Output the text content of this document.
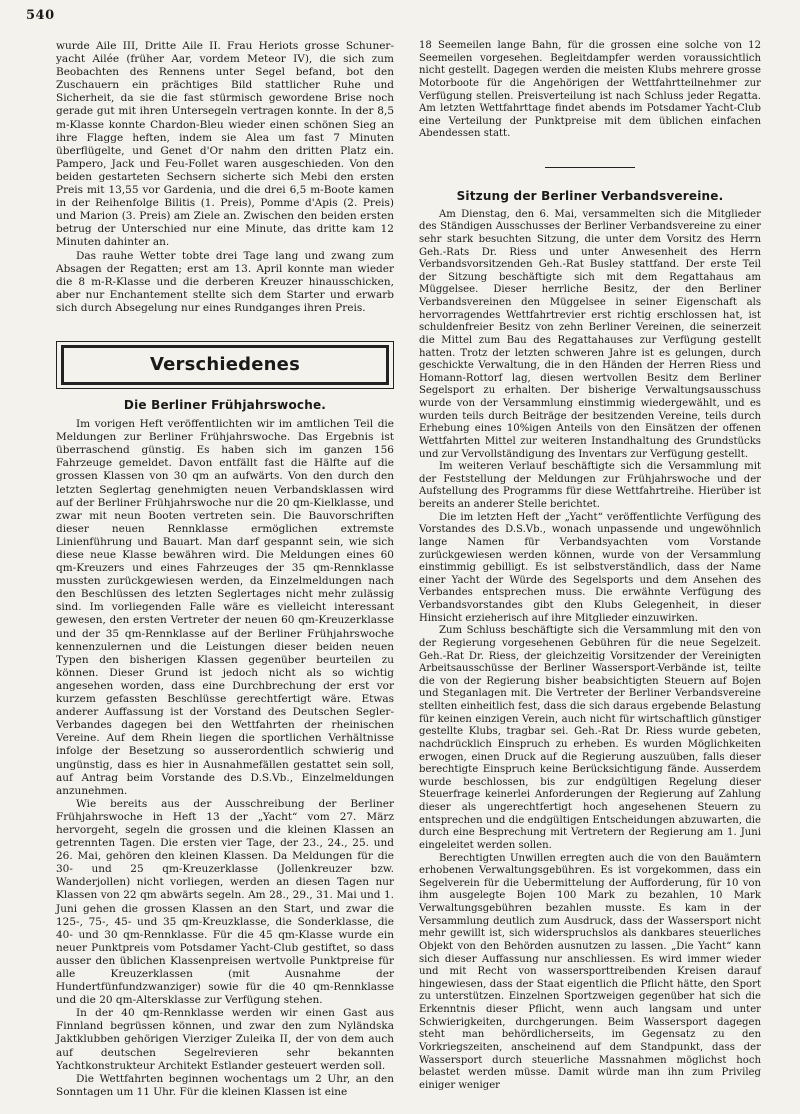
540

wurde Aile III, Dritte Aile II. Frau Heriots grosse Schuner-yacht Ailée (früher Aar, vordem Meteor IV), die sich zum Beobachten des Rennens unter Segel befand, bot den Zuschauern ein prächtiges Bild stattlicher Ruhe und Sicherheit, da sie die fast stürmisch gewordene Brise noch gerade gut mit ihren Untersegeln vertragen konnte. In der 8,5 m-Klasse konnte Chardon-Bleu wieder einen schönen Sieg an ihre Flagge heften, indem sie Alea um fast 7 Minuten überflügelte, und Genet d'Or nahm den dritten Platz ein. Pampero, Jack und Feu-Follet waren ausgeschieden. Von den beiden gestarteten Sechsern sicherte sich Mebi den ersten Preis mit 13,55 vor Gardenia, und die drei 6,5 m-Boote kamen in der Reihenfolge Bilitis (1. Preis), Pomme d'Apis (2. Preis) und Marion (3. Preis) am Ziele an. Zwischen den beiden ersten betrug der Unterschied nur eine Minute, das dritte kam 12 Minuten dahinter an.

Das rauhe Wetter tobte drei Tage lang und zwang zum Absagen der Regatten; erst am 13. April konnte man wieder die 8 m-R-Klasse und die derberen Kreuzer hinausschicken, aber nur Enchantement stellte sich dem Starter und erwarb sich durch Absegelung nur eines Rundganges ihren Preis.

Verschiedenes
Die Berliner Frühjahrswoche.

Im vorigen Heft veröffentlichten wir im amtlichen Teil die Meldungen zur Berliner Frühjahrswoche. Das Ergebnis ist überraschend günstig. Es haben sich im ganzen 156 Fahrzeuge gemeldet. Davon entfällt fast die Hälfte auf die grossen Klassen von 30 qm an aufwärts. Von den durch den letzten Seglertag genehmigten neuen Verbandsklassen wird auf der Berliner Frühjahrswoche nur die 20 qm-Kielklasse, und zwar mit neun Booten vertreten sein. Die Bauvorschriften dieser neuen Rennklasse ermöglichen extremste Linienführung und Bauart. Man darf gespannt sein, wie sich diese neue Klasse bewähren wird. Die Meldungen eines 60 qm-Kreuzers und eines Fahrzeuges der 35 qm-Rennklasse mussten zurückgewiesen werden, da Einzelmeldungen nach den Beschlüssen des letzten Seglertages nicht mehr zulässig sind. Im vorliegenden Falle wäre es vielleicht interessant gewesen, den ersten Vertreter der neuen 60 qm-Kreuzerklasse und der 35 qm-Rennklasse auf der Berliner Frühjahrswoche kennenzulernen und die Leistungen dieser beiden neuen Typen den bisherigen Klassen gegenüber beurteilen zu können. Dieser Grund ist jedoch nicht als so wichtig angesehen worden, dass eine Durchbrechung der erst vor kurzem gefassten Beschlüsse gerechtfertigt wäre. Etwas anderer Auffassung ist der Vorstand des Deutschen Segler-Verbandes dagegen bei den Wettfahrten der rheinischen Vereine. Auf dem Rhein liegen die sportlichen Verhältnisse infolge der Besetzung so ausserordentlich schwierig und ungünstig, dass es hier in Ausnahmefällen gestattet sein soll, auf Antrag beim Vorstande des D.S.Vb., Einzelmeldungen anzunehmen.

Wie bereits aus der Ausschreibung der Berliner Frühjahrswoche in Heft 13 der „Yacht“ vom 27. März hervorgeht, segeln die grossen und die kleinen Klassen an getrennten Tagen. Die ersten vier Tage, der 23., 24., 25. und 26. Mai, gehören den kleinen Klassen. Da Meldungen für die 30- und 25 qm-Kreuzerklasse (Jollenkreuzer bzw. Wanderjollen) nicht vorliegen, werden an diesen Tagen nur Klassen von 22 qm abwärts segeln. Am 28., 29., 31. Mai und 1. Juni gehen die grossen Klassen an den Start, und zwar die 125-, 75-, 45- und 35 qm-Kreuzklasse, die Sonderklasse, die 40- und 30 qm-Rennklasse. Für die 45 qm-Klasse wurde ein neuer Punktpreis vom Potsdamer Yacht-Club gestiftet, so dass ausser den üblichen Klassenpreisen wertvolle Punktpreise für alle Kreuzerklassen (mit Ausnahme der Hundertfünfundzwanziger) sowie für die 40 qm-Rennklasse und die 20 qm-Altersklasse zur Verfügung stehen.

In der 40 qm-Rennklasse werden wir einen Gast aus Finnland begrüssen können, und zwar den zum Nyländska Jaktklubben gehörigen Vierziger Zuleika II, der von dem auch auf deutschen Segelrevieren sehr bekannten Yachtkonstrukteur Architekt Estlander gesteuert werden soll.

Die Wettfahrten beginnen wochentags um 2 Uhr, an den Sonntagen um 11 Uhr. Für die kleinen Klassen ist eine

18 Seemeilen lange Bahn, für die grossen eine solche von 12 Seemeilen vorgesehen. Begleitdampfer werden voraussichtlich nicht gestellt. Dagegen werden die meisten Klubs mehrere grosse Motorboote für die Angehörigen der Wettfahrtteilnehmer zur Verfügung stellen. Preisverteilung ist nach Schluss jeder Regatta. Am letzten Wettfahrttage findet abends im Potsdamer Yacht-Club eine Verteilung der Punktpreise mit dem üblichen einfachen Abendessen statt.

Sitzung der Berliner Verbandsvereine.

Am Dienstag, den 6. Mai, versammelten sich die Mitglieder des Ständigen Ausschusses der Berliner Verbandsvereine zu einer sehr stark besuchten Sitzung, die unter dem Vorsitz des Herrn Geh.-Rats Dr. Riess und unter Anwesenheit des Herrn Verbandsvorsitzenden Geh.-Rat Busley stattfand. Der erste Teil der Sitzung beschäftigte sich mit dem Regattahaus am Müggelsee. Dieser herrliche Besitz, der den Berliner Verbandsvereinen den Müggelsee in seiner Eigenschaft als hervorragendes Wettfahrtrevier erst richtig erschlossen hat, ist schuldenfreier Besitz von zehn Berliner Vereinen, die seinerzeit die Mittel zum Bau des Regattahauses zur Verfügung gestellt hatten. Trotz der letzten schweren Jahre ist es gelungen, durch geschickte Verwaltung, die in den Händen der Herren Riess und Homann-Rottorf lag, diesen wertvollen Besitz dem Berliner Segelsport zu erhalten. Der bisherige Verwaltungsausschuss wurde von der Versammlung einstimmig wiedergewählt, und es wurden teils durch Beiträge der besitzenden Vereine, teils durch Erhebung eines 10%igen Anteils von den Einsätzen der offenen Wettfahrten Mittel zur weiteren Instandhaltung des Grundstücks und zur Vervollständigung des Inventars zur Verfügung gestellt.

Im weiteren Verlauf beschäftigte sich die Versammlung mit der Feststellung der Meldungen zur Frühjahrswoche und der Aufstellung des Programms für diese Wettfahrtreihe. Hierüber ist bereits an anderer Stelle berichtet.

Die im letzten Heft der „Yacht“ veröffentlichte Verfügung des Vorstandes des D.S.Vb., wonach unpassende und ungewöhnlich lange Namen für Verbandsyachten vom Vorstande zurückgewiesen werden können, wurde von der Versammlung einstimmig gebilligt. Es ist selbstverständlich, dass der Name einer Yacht der Würde des Segelsports und dem Ansehen des Verbandes entsprechen muss. Die erwähnte Verfügung des Verbandsvorstandes gibt den Klubs Gelegenheit, in dieser Hinsicht erzieherisch auf ihre Mitglieder einzuwirken.

Zum Schluss beschäftigte sich die Versammlung mit den von der Regierung vorgesehenen Gebühren für die neue Segelzeit. Geh.-Rat Dr. Riess, der gleichzeitig Vorsitzender der Vereinigten Arbeitsausschüsse der Berliner Wassersport-Verbände ist, teilte die von der Regierung bisher beabsichtigten Steuern auf Bojen und Steganlagen mit. Die Vertreter der Berliner Verbandsvereine stellten einheitlich fest, dass die sich daraus ergebende Belastung für keinen einzigen Verein, auch nicht für wirtschaftlich günstiger gestellte Klubs, tragbar sei. Geh.-Rat Dr. Riess wurde gebeten, nachdrücklich Einspruch zu erheben. Es wurden Möglichkeiten erwogen, einen Druck auf die Regierung auszuüben, falls dieser berechtigte Einspruch keine Berücksichtigung fände. Ausserdem wurde beschlossen, bis zur endgültigen Regelung dieser Steuerfrage keinerlei Anforderungen der Regierung auf Zahlung dieser als ungerechtfertigt hoch angesehenen Steuern zu entsprechen und die endgültigen Entscheidungen abzuwarten, die durch eine Besprechung mit Vertretern der Regierung am 1. Juni eingeleitet werden sollen.

Berechtigten Unwillen erregten auch die von den Bauämtern erhobenen Verwaltungsgebühren. Es ist vorgekommen, dass ein Segelverein für die Uebermittelung der Aufforderung, für 10 von ihm ausgelegte Bojen 100 Mark zu bezahlen, 10 Mark Verwaltungsgebühren bezahlen musste. Es kam in der Versammlung deutlich zum Ausdruck, dass der Wassersport nicht mehr gewillt ist, sich widerspruchslos als dankbares steuerliches Objekt von den Behörden ausnutzen zu lassen. „Die Yacht“ kann sich dieser Auffassung nur anschliessen. Es wird immer wieder und mit Recht von wassersporttreibenden Kreisen darauf hingewiesen, dass der Staat eigentlich die Pflicht hätte, den Sport zu unterstützen. Einzelnen Sportzweigen gegenüber hat sich die Erkenntnis dieser Pflicht, wenn auch langsam und unter Schwierigkeiten, durchgerungen. Beim Wassersport dagegen steht man behördlicherseits, im Gegensatz zu den Vorkriegszeiten, anscheinend auf dem Standpunkt, dass der Wassersport durch steuerliche Massnahmen möglichst hoch belastet werden müsse. Damit würde man ihn zum Privileg einiger weniger
